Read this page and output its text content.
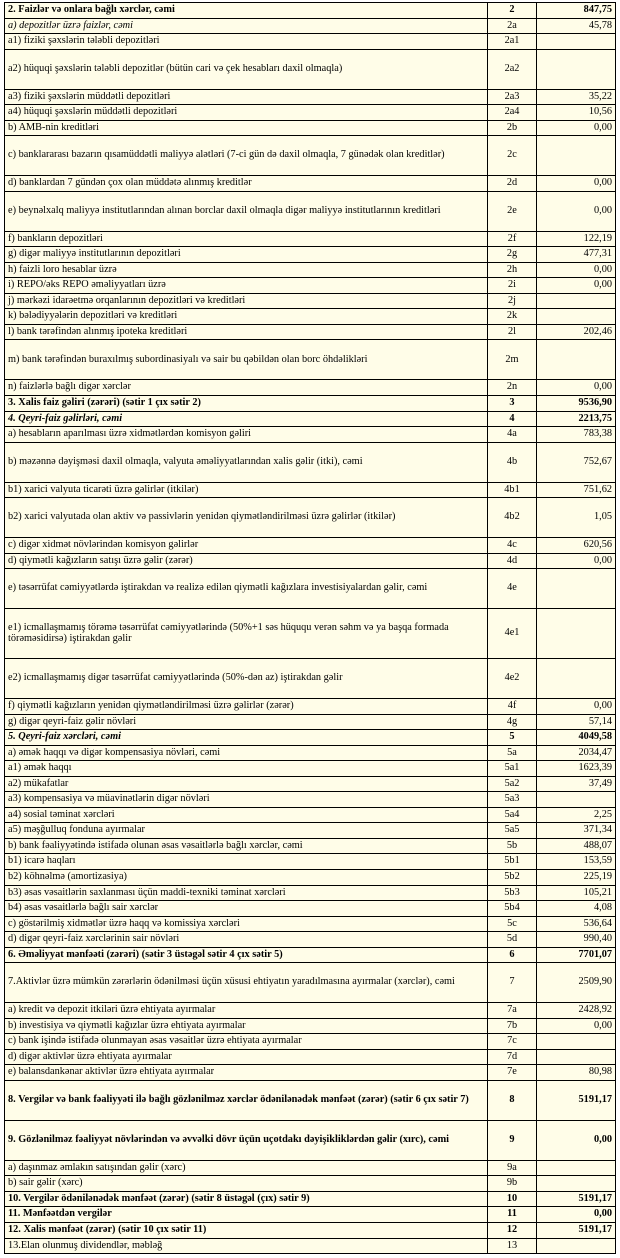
2. Faizlər və onlara bağlı xərclər, cəmi	2	847,75
a) depozitlər üzrə faizlər, cəmi	2a	45,78
a1) fiziki şəxslərin tələbli depozitləri	2a1	
a2) hüquqi şəxslərin tələbli depozitlər (bütün cari və çek hesabları daxil olmaqla)	2a2	
a3) fiziki şəxslərin müddətli depozitləri	2a3	35,22
a4) hüquqi şəxslərin müddətli depozitləri	2a4	10,56
b) AMB-nin kreditləri	2b	0,00
c) banklararası bazarın qısamüddətli maliyyə alətləri (7-ci gün də daxil olmaqla, 7 günədək olan kreditlər)	2c	
d) banklardan 7 gündən çox olan müddətə alınmış kreditlər	2d	0,00
e) beynəlxalq maliyyə institutlarından alınan borclar daxil olmaqla digər maliyyə institutlarının kreditləri	2e	0,00
f) bankların depozitləri	2f	122,19
g) digər maliyyə institutlarının depozitləri	2g	477,31
h) faizli loro hesablar üzrə	2h	0,00
i) REPO/əks REPO əməliyyatları üzrə	2i	0,00
j) mərkəzi idarəetmə orqanlarının depozitləri və kreditləri	2j	
k) bələdiyyələrin depozitləri və kreditləri	2k	
l) bank tərəfindən alınmış ipoteka kreditləri	2l	202,46
m) bank tərəfindən buraxılmış subordinasiyalı və sair bu qəbildən olan borc öhdəlikləri	2m	
n) faizlərlə bağlı digər xərclər	2n	0,00
3. Xalis faiz gəliri (zərəri) (sətir 1 çıx sətir 2)	3	9536,90
4. Qeyri-faiz gəlirləri, cəmi	4	2213,75
a) hesabların aparılması üzrə xidmətlərdən komisyon gəliri	4a	783,38
b) məzənnə dəyişməsi daxil olmaqla, valyuta əməliyyatlarından xalis gəlir (itki), cəmi	4b	752,67
b1) xarici valyuta ticarəti üzrə gəlirlər (itkilər)	4b1	751,62
b2) xarici valyutada olan aktiv və passivlərin yenidən qiymətləndirilməsi üzrə gəlirlər (itkilər)	4b2	1,05
c) digər xidmət növlərindən komisyon gəlirlər	4c	620,56
d) qiymətli kağızların satışı üzrə gəlir (zərər)	4d	0,00
e) təsərrüfat cəmiyyətlərdə iştirakdan və realizə edilən qiymətli kağızlara investisiyalardan gəlir, cəmi	4e	
e1) icmallaşmamış törəmə təsərrüfat cəmiyyətlərində (50%+1 səs hüququ verən səhm və ya başqa formada törəməsidirsə) iştirakdan gəlir	4e1	
e2) icmallaşmamış digər təsərrüfat cəmiyyətlərində (50%-dən az) iştirakdan gəlir	4e2	
f) qiymətli kağızların yenidən qiymətləndirilməsi üzrə gəlirlər (zərər)	4f	0,00
g) digər qeyri-faiz gəlir növləri	4g	57,14
5. Qeyri-faiz xərcləri, cəmi	5	4049,58
a) əmək haqqı və digər kompensasiya növləri, cəmi	5a	2034,47
a1) əmək haqqı	5a1	1623,39
a2) mükafatlar	5a2	37,49
a3) kompensasiya və müavinətlərin digər növləri	5a3	
a4) sosial təminat xərcləri	5a4	2,25
a5) məşğulluq fonduna ayırmalar	5a5	371,34
b) bank fəaliyyətində istifadə olunan əsas vəsaitlərlə bağlı xərclər, cəmi	5b	488,07
b1) icarə haqları	5b1	153,59
b2) köhnəlmə (amortizasiya)	5b2	225,19
b3) əsas vəsaitlərin saxlanması üçün maddi-texniki təminat xərcləri	5b3	105,21
b4) əsas vəsaitlərlə bağlı sair xərclər	5b4	4,08
c) göstərilmiş xidmətlər üzrə haqq və komissiya xərcləri	5c	536,64
d) digər qeyri-faiz xərclərinin sair növləri	5d	990,40
6. Əməliyyat mənfəəti (zərəri) (sətir 3 üstəgəl sətir 4 çıx sətir 5)	6	7701,07
7.Aktivlər üzrə mümkün zərərlərin ödənilməsi üçün xüsusi ehtiyatın yaradılmasına ayırmalar (xərclər), cəmi	7	2509,90
a) kredit və depozit itkiləri üzrə ehtiyata ayırmalar	7a	2428,92
b) investisiya və qiymətli kağızlar üzrə ehtiyata ayırmalar	7b	0,00
c) bank işində istifadə olunmayan əsas vəsaitlər üzrə ehtiyata ayırmalar	7c	
d) digər aktivlər üzrə ehtiyata ayırmalar	7d	
e) balansdankənar aktivlər üzrə ehtiyata ayırmalar	7e	80,98
8. Vergilər və bank fəaliyyəti ilə bağlı gözlənilməz xərclər ödənilənədək mənfəət (zərər) (sətir 6 çıx sətir 7)	8	5191,17
9. Gözlənilməz fəaliyyət növlərindən və əvvəlki dövr üçün uçotdakı dəyişikliklərdən gəlir (xırc), cəmi	9	0,00
a) daşınmaz əmlakın satışından gəlir (xərc)	9a	
b) sair gəlir (xərc)	9b	
10. Vergilər ödənilənədək mənfəət (zərər) (sətir 8 üstəgəl (çıx) sətir 9)	10	5191,17
11. Mənfəətdən vergilər	11	0,00
12. Xalis mənfəət (zərər) (sətir 10 çıx sətir 11)	12	5191,17
13.Elan olunmuş dividendlər, məbləğ	13	
